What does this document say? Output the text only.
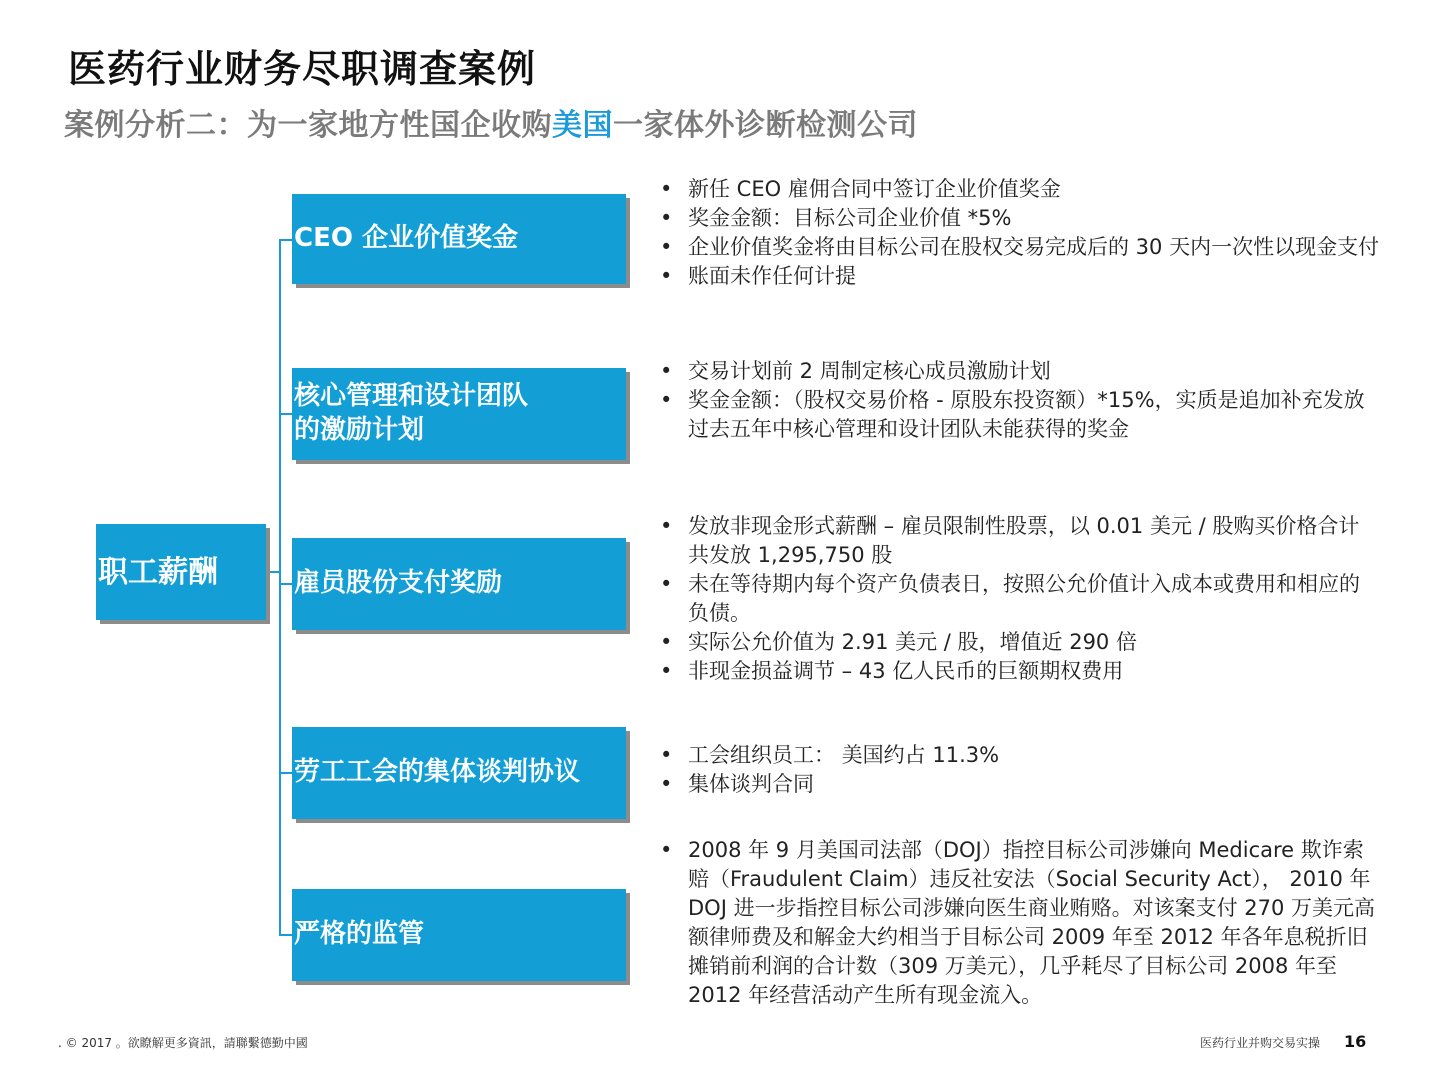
医药行业财务尽职调查案例
案例分析二：为一家地方性国企收购美国一家体外诊断检测公司
职工薪酬
CEO 企业价值奖金
核心管理和设计团队
的激励计划
雇员股份支付奖励
劳工工会的集体谈判协议
严格的监管
• 新任 CEO 雇佣合同中签订企业价值奖金
• 奖金金额：目标公司企业价值 *5%
• 企业价值奖金将由目标公司在股权交易完成后的 30 天内一次性以现金支付
• 账面未作任何计提
• 交易计划前 2 周制定核心成员激励计划
• 奖金金额：（股权交易价格 - 原股东投资额）*15%，实质是追加补充发放过去五年中核心管理和设计团队未能获得的奖金
• 发放非现金形式薪酬 – 雇员限制性股票，以 0.01 美元 / 股购买价格合计共发放 1,295,750 股
• 未在等待期内每个资产负债表日，按照公允价值计入成本或费用和相应的负债。
• 实际公允价值为 2.91 美元 / 股，增值近 290 倍
• 非现金损益调节 – 43 亿人民币的巨额期权费用
• 工会组织员工： 美国约占 11.3%
• 集体谈判合同
• 2008 年 9 月美国司法部（DOJ）指控目标公司涉嫌向 Medicare 欺诈索赔（Fraudulent Claim）违反社安法（Social Security Act）， 2010 年 DOJ 进一步指控目标公司涉嫌向医生商业贿赂。对该案支付 270 万美元高额律师费及和解金大约相当于目标公司 2009 年至 2012 年各年息税折旧摊销前利润的合计数（309 万美元），几乎耗尽了目标公司 2008 年至 2012 年经营活动产生所有现金流入。
. © 2017 。欲瞭解更多資訊，請聯繫德勤中國	医药行业并购交易实操 16
